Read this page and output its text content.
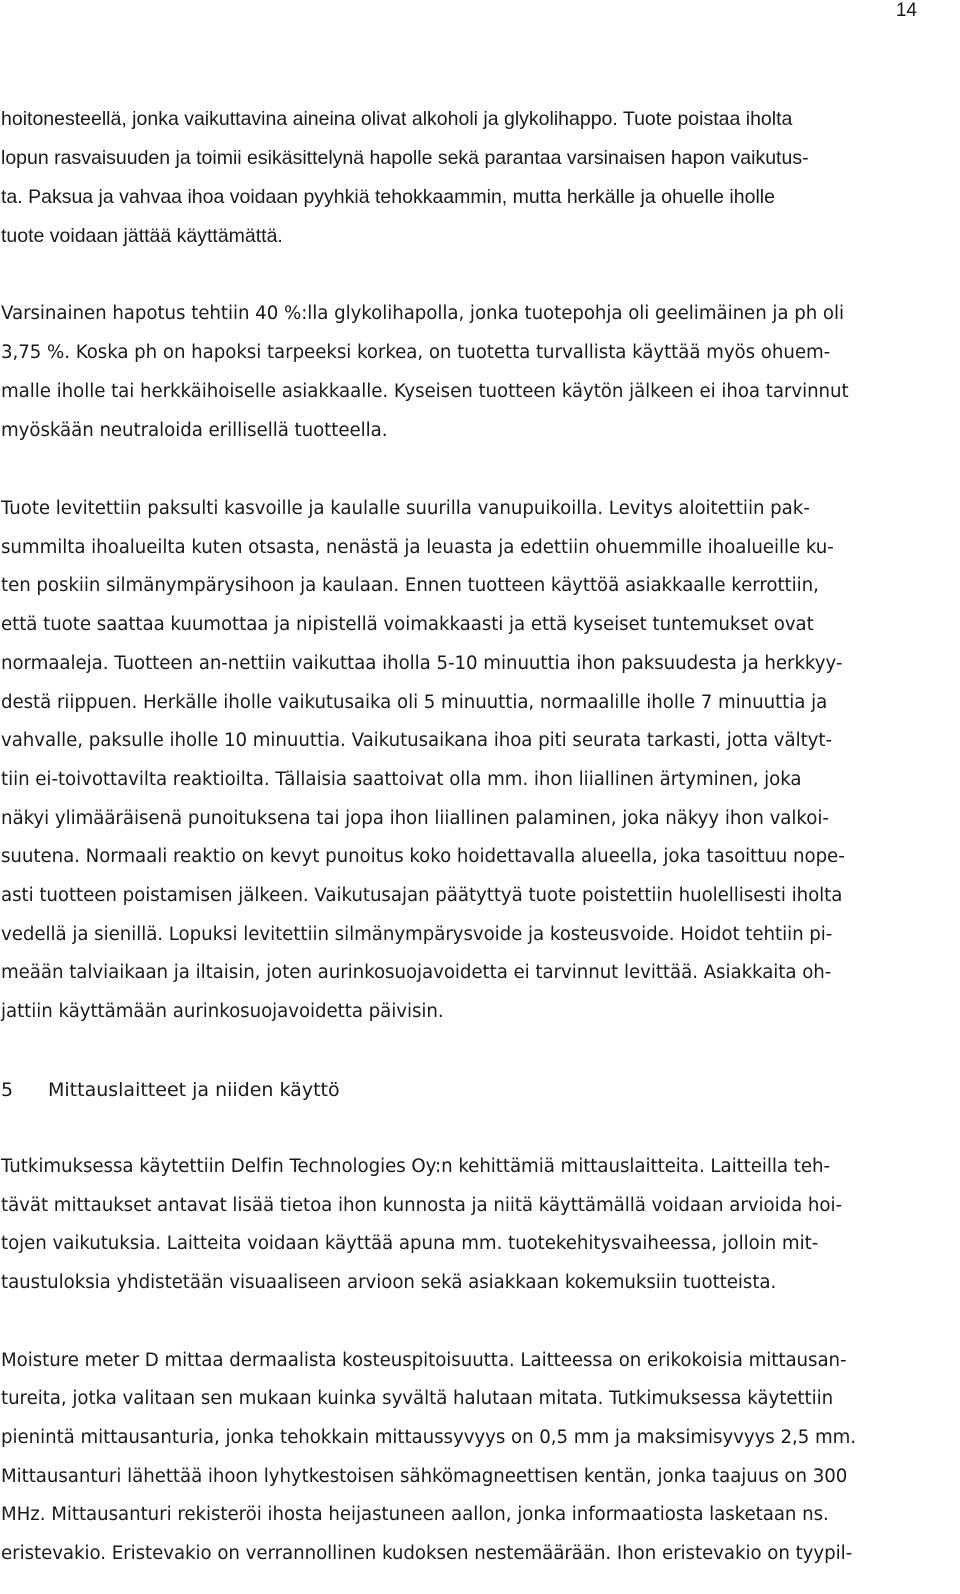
14

hoitonesteellä, jonka vaikuttavina aineina olivat alkoholi ja glykolihappo. Tuote poistaa iholta

lopun rasvaisuuden ja toimii esikäsittelynä hapolle sekä parantaa varsinaisen hapon vaikutus-

ta. Paksua ja vahvaa ihoa voidaan pyyhkiä tehokkaammin, mutta herkälle ja ohuelle iholle

tuote voidaan jättää käyttämättä.

Varsinainen hapotus tehtiin 40 %:lla glykolihapolla, jonka tuotepohja oli geelimäinen ja ph oli

3,75 %. Koska ph on hapoksi tarpeeksi korkea, on tuotetta turvallista käyttää myös ohuem-

malle iholle tai herkkäihoiselle asiakkaalle. Kyseisen tuotteen käytön jälkeen ei ihoa tarvinnut

myöskään neutraloida erillisellä tuotteella.

Tuote levitettiin paksulti kasvoille ja kaulalle suurilla vanupuikoilla. Levitys aloitettiin pak-

summilta ihoalueilta kuten otsasta, nenästä ja leuasta ja edettiin ohuemmille ihoalueille ku-

ten poskiin silmänympärysihoon ja kaulaan. Ennen tuotteen käyttöä asiakkaalle kerrottiin,

että tuote saattaa kuumottaa ja nipistellä voimakkaasti ja että kyseiset tuntemukset ovat

normaaleja. Tuotteen an-nettiin vaikuttaa iholla 5-10 minuuttia ihon paksuudesta ja herkkyy-

destä riippuen. Herkälle iholle vaikutusaika oli 5 minuuttia, normaalille iholle 7 minuuttia ja

vahvalle, paksulle iholle 10 minuuttia. Vaikutusaikana ihoa piti seurata tarkasti, jotta vältyt-

tiin ei-toivottavilta reaktioilta. Tällaisia saattoivat olla mm. ihon liiallinen ärtyminen, joka

näkyi ylimääräisenä punoituksena tai jopa ihon liiallinen palaminen, joka näkyy ihon valkoi-

suutena. Normaali reaktio on kevyt punoitus koko hoidettavalla alueella, joka tasoittuu nope-

asti tuotteen poistamisen jälkeen. Vaikutusajan päätyttyä tuote poistettiin huolellisesti iholta

vedellä ja sienillä. Lopuksi levitettiin silmänympärysvoide ja kosteusvoide. Hoidot tehtiin pi-

meään talviaikaan ja iltaisin, joten aurinkosuojavoidetta ei tarvinnut levittää. Asiakkaita oh-

jattiin käyttämään aurinkosuojavoidetta päivisin.

5 Mittauslaitteet ja niiden käyttö

Tutkimuksessa käytettiin Delfin Technologies Oy:n kehittämiä mittauslaitteita. Laitteilla teh-

tävät mittaukset antavat lisää tietoa ihon kunnosta ja niitä käyttämällä voidaan arvioida hoi-

tojen vaikutuksia. Laitteita voidaan käyttää apuna mm. tuotekehitysvaiheessa, jolloin mit-

taustuloksia yhdistetään visuaaliseen arvioon sekä asiakkaan kokemuksiin tuotteista.

Moisture meter D mittaa dermaalista kosteuspitoisuutta. Laitteessa on erikokoisia mittausan-

tureita, jotka valitaan sen mukaan kuinka syvältä halutaan mitata. Tutkimuksessa käytettiin

pienintä mittausanturia, jonka tehokkain mittaussyvyys on 0,5 mm ja maksimisyvyys 2,5 mm.

Mittausanturi lähettää ihoon lyhytkestoisen sähkömagneettisen kentän, jonka taajuus on 300

MHz. Mittausanturi rekisteröi ihosta heijastuneen aallon, jonka informaatiosta lasketaan ns.

eristevakio. Eristevakio on verrannollinen kudoksen nestemäärään. Ihon eristevakio on tyypil-
